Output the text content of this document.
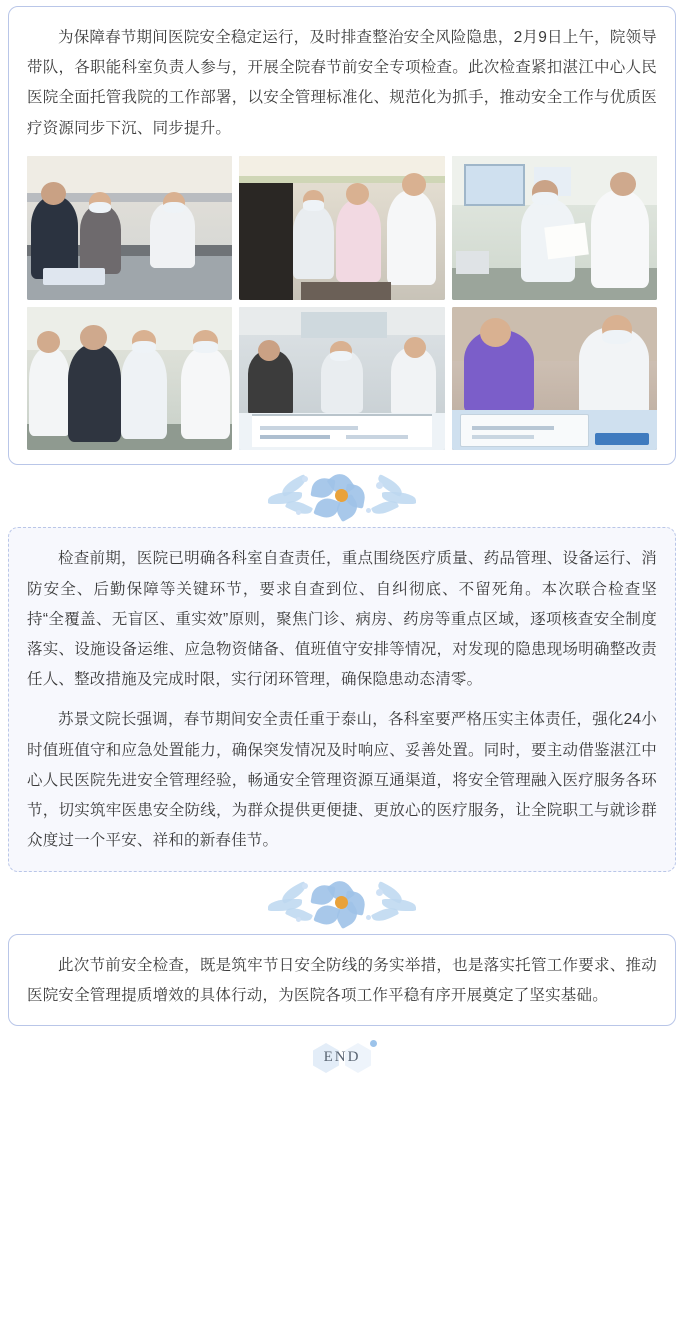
为保障春节期间医院安全稳定运行，及时排查整治安全风险隐患，2月9日上午，院领导带队，各职能科室负责人参与，开展全院春节前安全专项检查。此次检查紧扣湛江中心人民医院全面托管我院的工作部署，以安全管理标准化、规范化为抓手，推动安全工作与优质医疗资源同步下沉、同步提升。

检查前期，医院已明确各科室自查责任，重点围绕医疗质量、药品管理、设备运行、消防安全、后勤保障等关键环节，要求自查到位、自纠彻底、不留死角。本次联合检查坚持“全覆盖、无盲区、重实效”原则，聚焦门诊、病房、药房等重点区域，逐项核查安全制度落实、设施设备运维、应急物资储备、值班值守安排等情况，对发现的隐患现场明确整改责任人、整改措施及完成时限，实行闭环管理，确保隐患动态清零。

苏景文院长强调，春节期间安全责任重于泰山，各科室要严格压实主体责任，强化24小时值班值守和应急处置能力，确保突发情况及时响应、妥善处置。同时，要主动借鉴湛江中心人民医院先进安全管理经验，畅通安全管理资源互通渠道，将安全管理融入医疗服务各环节，切实筑牢医患安全防线，为群众提供更便捷、更放心的医疗服务，让全院职工与就诊群众度过一个平安、祥和的新春佳节。

此次节前安全检查，既是筑牢节日安全防线的务实举措，也是落实托管工作要求、推动医院安全管理提质增效的具体行动，为医院各项工作平稳有序开展奠定了坚实基础。

END
